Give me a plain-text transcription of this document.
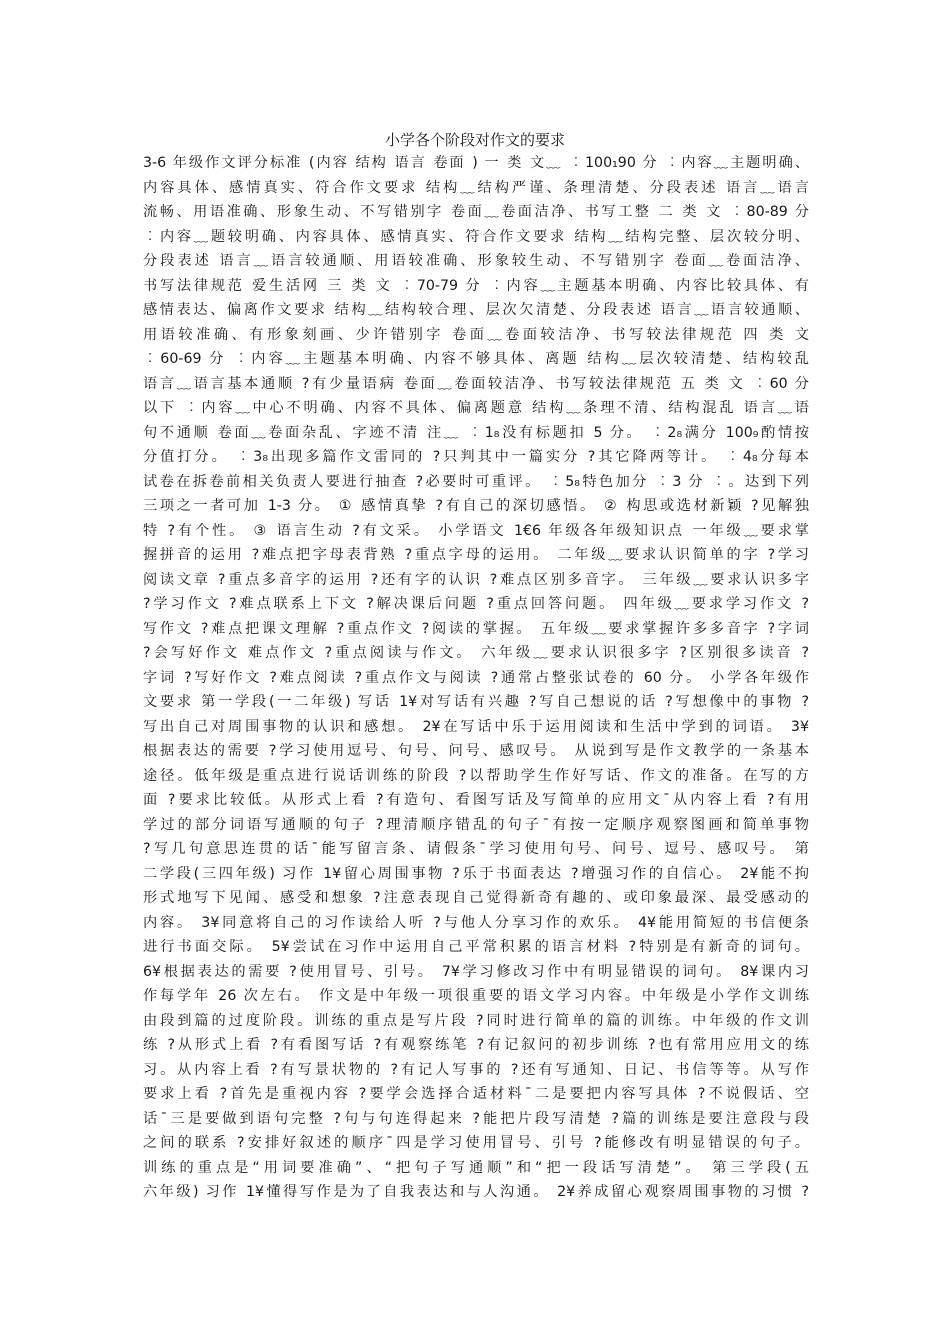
小学各个阶段对作文的要求
3-6 年级作文评分标准 (内容 结构 语言 卷面 ) 一 类 文﹏ ︰100₁90 分 ︰内容﹏主题明确、
内容具体、感情真实、符合作文要求 结构﹏结构严谨、条理清楚、分段表述 语言﹏语言
流畅、用语准确、形象生动、不写错别字 卷面﹏卷面洁净、书写工整 二 类 文 ︰80-89 分
︰内容﹏题较明确、内容具体、感情真实、符合作文要求 结构﹏结构完整、层次较分明、
分段表述 语言﹏语言较通顺、用语较准确、形象较生动、不写错别字 卷面﹏卷面洁净、
书写法律规范 爱生活网 三 类 文 ︰70-79 分 ︰内容﹏主题基本明确、内容比较具体、有
感情表达、偏离作文要求 结构﹏结构较合理、层次欠清楚、分段表述 语言﹏语言较通顺、
用语较准确、有形象刻画、少许错别字 卷面﹏卷面较洁净、书写较法律规范 四 类 文
︰60-69 分 ︰内容﹏主题基本明确、内容不够具体、离题 结构﹏层次较清楚、结构较乱
语言﹏语言基本通顺 ?有少量语病 卷面﹏卷面较洁净、书写较法律规范 五 类 文 ︰60 分
以下 ︰内容﹏中心不明确、内容不具体、偏离题意 结构﹏条理不清、结构混乱 语言﹏语
句不通顺 卷面﹏卷面杂乱、字迹不清 注﹏ ︰1₈没有标题扣 5 分。 ︰2₈满分 100₉酌情按
分值打分。 ︰3₈出现多篇作文雷同的 ?只判其中一篇实分 ?其它降两等计。 ︰4₈分每本
试卷在拆卷前相关负责人要进行抽查 ?必要时可重评。 ︰5₈特色加分 ︰3 分 ︰。达到下列
三项之一者可加 1-3 分。 ① 感情真挚 ?有自己的深切感悟。 ② 构思或选材新颖 ?见解独
特 ?有个性。 ③ 语言生动 ?有文采。 小学语文 1€6 年级各年级知识点 一年级﹏要求掌
握拼音的运用 ?难点把字母表背熟 ?重点字母的运用。 二年级﹏要求认识简单的字 ?学习
阅读文章 ?重点多音字的运用 ?还有字的认识 ?难点区别多音字。 三年级﹏要求认识多字
?学习作文 ?难点联系上下文 ?解决课后问题 ?重点回答问题。 四年级﹏要求学习作文 ?
写作文 ?难点把课文理解 ?重点作文 ?阅读的掌握。 五年级﹏要求掌握许多多音字 ?字词
?会写好作文 难点作文 ?重点阅读与作文。 六年级﹏要求认识很多字 ?区别很多读音 ?
字词 ?写好作文 ?难点阅读 ?重点作文与阅读 ?通常占整张试卷的 60 分。 小学各年级作
文要求 第一学段(一二年级) 写话 1¥对写话有兴趣 ?写自己想说的话 ?写想像中的事物 ?
写出自己对周围事物的认识和感想。 2¥在写话中乐于运用阅读和生活中学到的词语。 3¥
根据表达的需要 ?学习使用逗号、句号、问号、感叹号。 从说到写是作文教学的一条基本
途径。低年级是重点进行说话训练的阶段 ?以帮助学生作好写话、作文的准备。在写的方
面 ?要求比较低。从形式上看 ?有造句、看图写话及写简单的应用文¯从内容上看 ?有用
学过的部分词语写通顺的句子 ?理清顺序错乱的句子¯有按一定顺序观察图画和简单事物
?写几句意思连贯的话¯能写留言条、请假条¯学习使用句号、问号、逗号、感叹号。 第
二学段(三四年级) 习作 1¥留心周围事物 ?乐于书面表达 ?增强习作的自信心。 2¥能不拘
形式地写下见闻、感受和想象 ?注意表现自己觉得新奇有趣的、或印象最深、最受感动的
内容。 3¥同意将自己的习作读给人听 ?与他人分享习作的欢乐。 4¥能用简短的书信便条
进行书面交际。 5¥尝试在习作中运用自己平常积累的语言材料 ?特别是有新奇的词句。
6¥根据表达的需要 ?使用冒号、引号。 7¥学习修改习作中有明显错误的词句。 8¥课内习
作每学年 26 次左右。 作文是中年级一项很重要的语文学习内容。中年级是小学作文训练
由段到篇的过度阶段。训练的重点是写片段 ?同时进行简单的篇的训练。中年级的作文训
练 ?从形式上看 ?有看图写话 ?有观察练笔 ?有记叙问的初步训练 ?也有常用应用文的练
习。从内容上看 ?有写景状物的 ?有记人写事的 ?还有写通知、日记、书信等等。从写作
要求上看 ?首先是重视内容 ?要学会选择合适材料¯二是要把内容写具体 ?不说假话、空
话¯三是要做到语句完整 ?句与句连得起来 ?能把片段写清楚 ?篇的训练是要注意段与段
之间的联系 ?安排好叙述的顺序¯四是学习使用冒号、引号 ?能修改有明显错误的句子。
训练的重点是“用词要准确”、“把句子写通顺”和“把一段话写清楚”。 第三学段(五
六年级) 习作 1¥懂得写作是为了自我表达和与人沟通。 2¥养成留心观察周围事物的习惯 ?
